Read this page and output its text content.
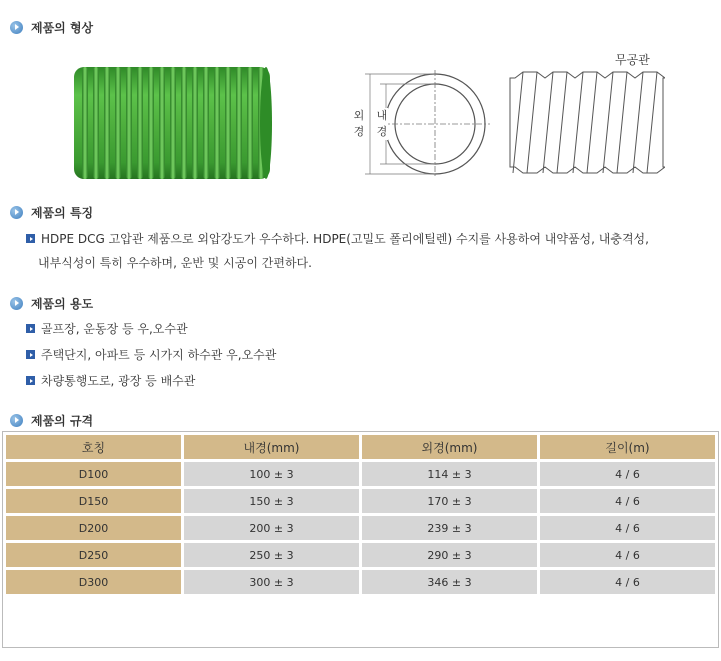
제품의 형상
외
경
내
경
무공관
제품의 특징
HDPE DCG 고압관 제품으로 외압강도가 우수하다. HDPE(고밀도 폴리에틸렌) 수지를 사용하여 내약품성, 내충격성,
내부식성이 특히 우수하며, 운반 및 시공이 간편하다.
제품의 용도
골프장, 운동장 등 우,오수관
주택단지, 아파트 등 시가지 하수관 우,오수관
차량통행도로, 광장 등 배수관
제품의 규격
호칭	내경(mm)	외경(mm)	길이(m)
D100	100 ± 3	114 ± 3	4 / 6
D150	150 ± 3	170 ± 3	4 / 6
D200	200 ± 3	239 ± 3	4 / 6
D250	250 ± 3	290 ± 3	4 / 6
D300	300 ± 3	346 ± 3	4 / 6
